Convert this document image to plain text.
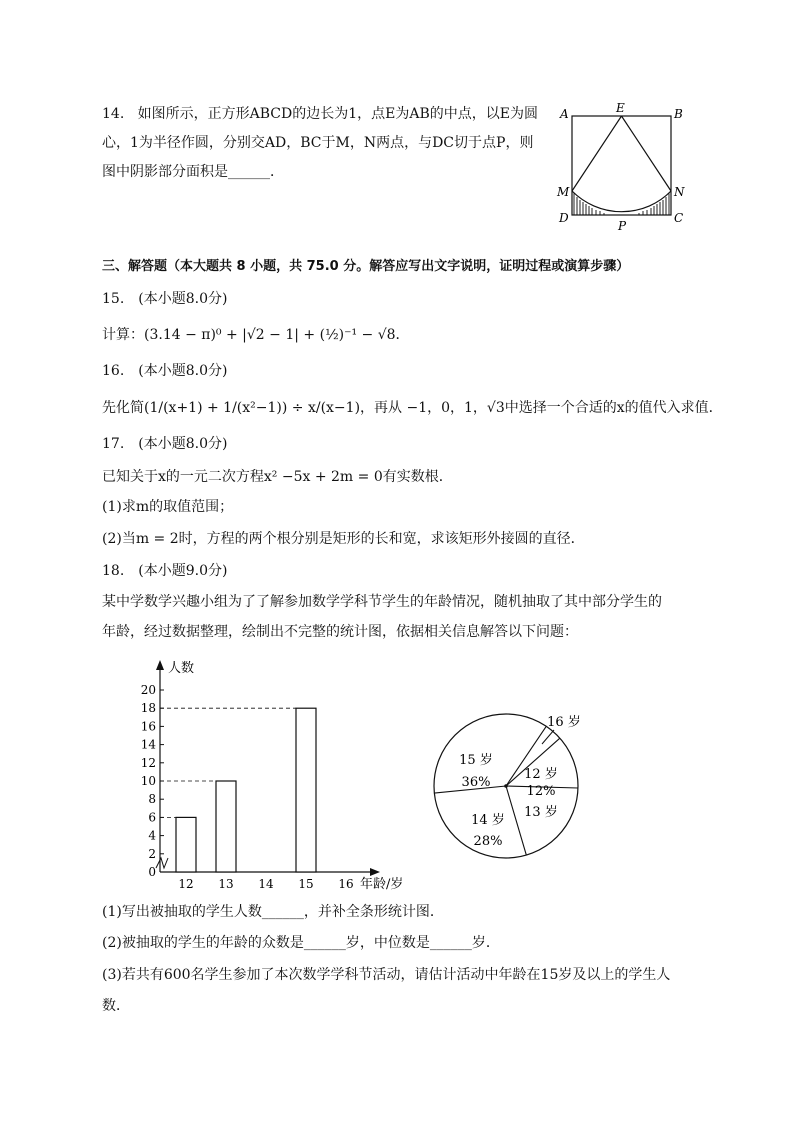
14. 如图所示，正方形ABCD的边长为1，点E为AB的中点，以E为圆
心，1为半径作圆，分别交AD，BC于M，N两点，与DC切于点P，则
图中阴影部分面积是______．
A	E	B
M	N
D
P
C
三、解答题（本大题共 8 小题，共 75.0 分。解答应写出文字说明，证明过程或演算步骤）
15.　(本小题8.0分)
计算：(3.14 − π)⁰ + |√2 − 1| + (½)⁻¹ − √8．
16.　(本小题8.0分)
先化简(1/(x+1) + 1/(x²−1)) ÷ x/(x−1)，再从 −1，0，1，√3中选择一个合适的x的值代入求值．
17.　(本小题8.0分)
已知关于x的一元二次方程x² −5x + 2m = 0有实数根．
(1)求m的取值范围；
(2)当m = 2时，方程的两个根分别是矩形的长和宽，求该矩形外接圆的直径．
18.　(本小题9.0分)
某中学数学兴趣小组为了了解参加数学学科节学生的年龄情况，随机抽取了其中部分学生的
年龄，经过数据整理，绘制出不完整的统计图，依据相关信息解答以下问题：
0
2
4
6
8
10
12
14
16
18
20
人数
12 13 14 15 16 年龄/岁
15 岁
36%
12 岁
12%
13 岁
14 岁
28%
16 岁
(1)写出被抽取的学生人数______，并补全条形统计图．
(2)被抽取的学生的年龄的众数是______岁，中位数是______岁．
(3)若共有600名学生参加了本次数学学科节活动，请估计活动中年龄在15岁及以上的学生人
数．
